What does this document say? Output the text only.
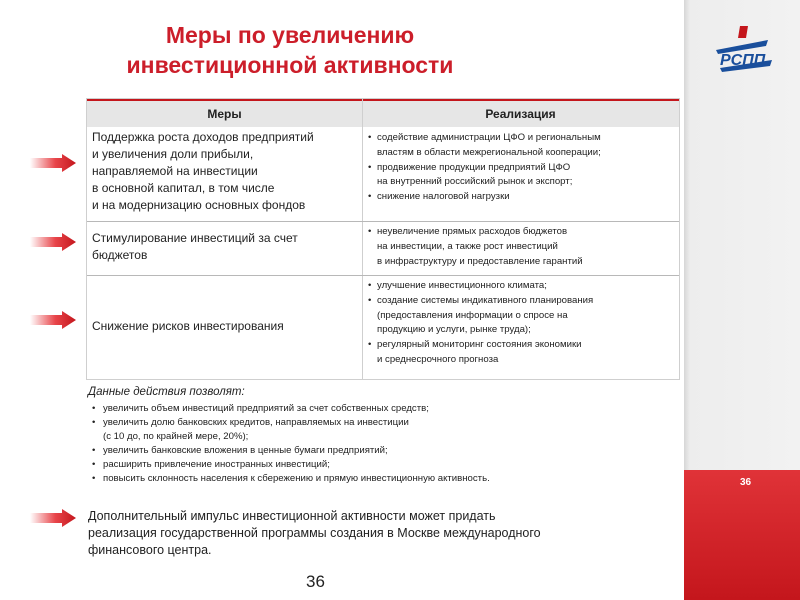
36
РСПП
Меры по увеличению
инвестиционной активности
Меры	Реализация
Поддержка роста доходов предприятий
и увеличения доли прибыли,
направляемой на инвестиции
в основной капитал, в том числе
и на модернизацию основных фондов
• содействие администрации ЦФО и региональным
властям в области межрегиональной кооперации;
• продвижение продукции предприятий ЦФО
на внутренний российский рынок и экспорт;
• снижение налоговой нагрузки
Стимулирование инвестиций за счет
бюджетов
• неувеличение прямых расходов бюджетов
на инвестиции, а также рост инвестиций
в инфраструктуру и предоставление гарантий
Снижение рисков инвестирования
• улучшение инвестиционного климата;
• создание системы индикативного планирования
(предоставления информации о спросе на
продукцию и услуги, рынке труда);
• регулярный мониторинг состояния экономики
и среднесрочного прогноза
Данные действия позволят:
• увеличить объем инвестиций предприятий за счет собственных средств;
• увеличить долю банковских кредитов, направляемых на инвестиции
(с 10 до, по крайней мере, 20%);
• увеличить банковские вложения в ценные бумаги предприятий;
• расширить привлечение иностранных инвестиций;
• повысить склонность населения к сбережению и прямую инвестиционную активность.
Дополнительный импульс инвестиционной активности может придать
реализация государственной программы создания в Москве международного
финансового центра.
36
